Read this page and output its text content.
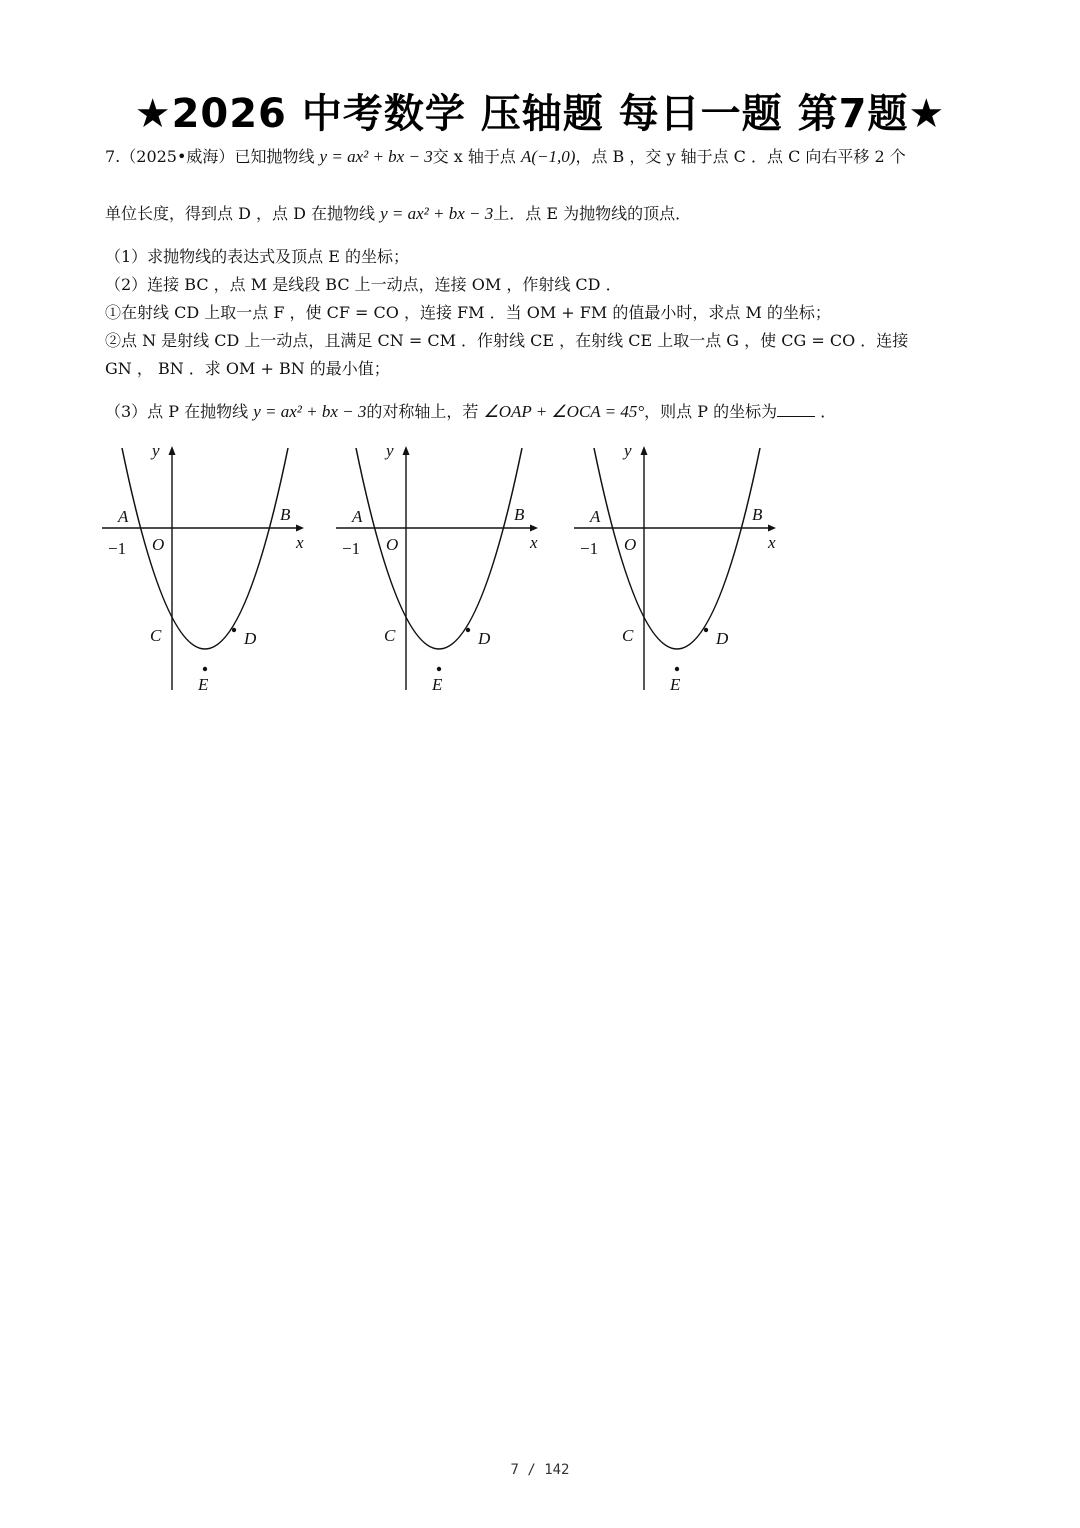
★2026 中考数学 压轴题 每日一题 第7题★
7.（2025•威海）已知抛物线 y = ax² + bx − 3交 x 轴于点 A(−1,0)，点 B ，交 y 轴于点 C ．点 C 向右平移 2 个
单位长度，得到点 D ，点 D 在抛物线 y = ax² + bx − 3上．点 E 为抛物线的顶点．
（1）求抛物线的表达式及顶点 E 的坐标；
（2）连接 BC ，点 M 是线段 BC 上一动点，连接 OM ，作射线 CD ．
①在射线 CD 上取一点 F ，使 CF = CO ，连接 FM ．当 OM + FM 的值最小时，求点 M 的坐标；
②点 N 是射线 CD 上一动点，且满足 CN = CM ．作射线 CE ，在射线 CE 上取一点 G ，使 CG = CO ．连接
GN ， BN ．求 OM + BN 的最小值；
（3）点 P 在抛物线 y = ax² + bx − 3的对称轴上，若 ∠OAP + ∠OCA = 45°，则点 P 的坐标为	．
y
x
A	B
O
−1
C	D
E
y
x
A	B
O
−1
C	D
E
y
x
A	B
O
−1
C	D
E
7 / 142
